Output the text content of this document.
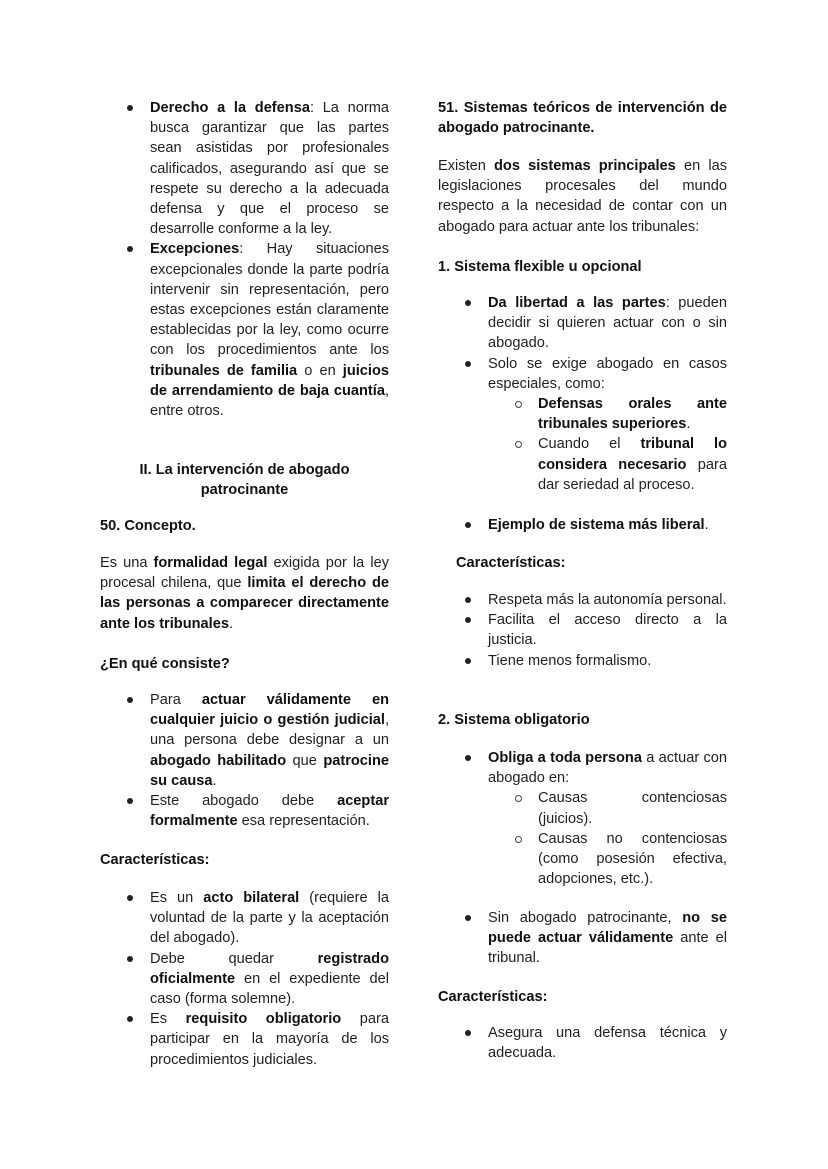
Derecho a la defensa: La norma busca garantizar que las partes sean asistidas por profesionales calificados, asegurando así que se respete su derecho a la adecuada defensa y que el proceso se desarrolle conforme a la ley.
Excepciones: Hay situaciones excepcionales donde la parte podría intervenir sin representación, pero estas excepciones están claramente establecidas por la ley, como ocurre con los procedimientos ante los tribunales de familia o en juicios de arrendamiento de baja cuantía, entre otros.
II. La intervención de abogado
patrocinante
50. Concepto.

Es una formalidad legal exigida por la ley procesal chilena, que limita el derecho de las personas a comparecer directamente ante los tribunales.

¿En qué consiste?
Para actuar válidamente en cualquier juicio o gestión judicial, una persona debe designar a un abogado habilitado que patrocine su causa.
Este abogado debe aceptar formalmente esa representación.
Características:
Es un acto bilateral (requiere la voluntad de la parte y la aceptación del abogado).
Debe quedar registrado oficialmente en el expediente del caso (forma solemne).
Es requisito obligatorio para participar en la mayoría de los procedimientos judiciales.

51. Sistemas teóricos de intervención de abogado patrocinante.

Existen dos sistemas principales en las legislaciones procesales del mundo respecto a la necesidad de contar con un abogado para actuar ante los tribunales:

1. Sistema flexible u opcional
Da libertad a las partes: pueden decidir si quieren actuar con o sin abogado.
Solo se exige abogado en casos especiales, como:
Defensas orales ante tribunales superiores.
Cuando el tribunal lo considera necesario para dar seriedad al proceso.
Ejemplo de sistema más liberal.
Características:
Respeta más la autonomía personal.
Facilita el acceso directo a la justicia.
Tiene menos formalismo.
2. Sistema obligatorio
Obliga a toda persona a actuar con abogado en:
Causas contenciosas (juicios).
Causas no contenciosas (como posesión efectiva, adopciones, etc.).
Sin abogado patrocinante, no se puede actuar válidamente ante el tribunal.
Características:
Asegura una defensa técnica y adecuada.
